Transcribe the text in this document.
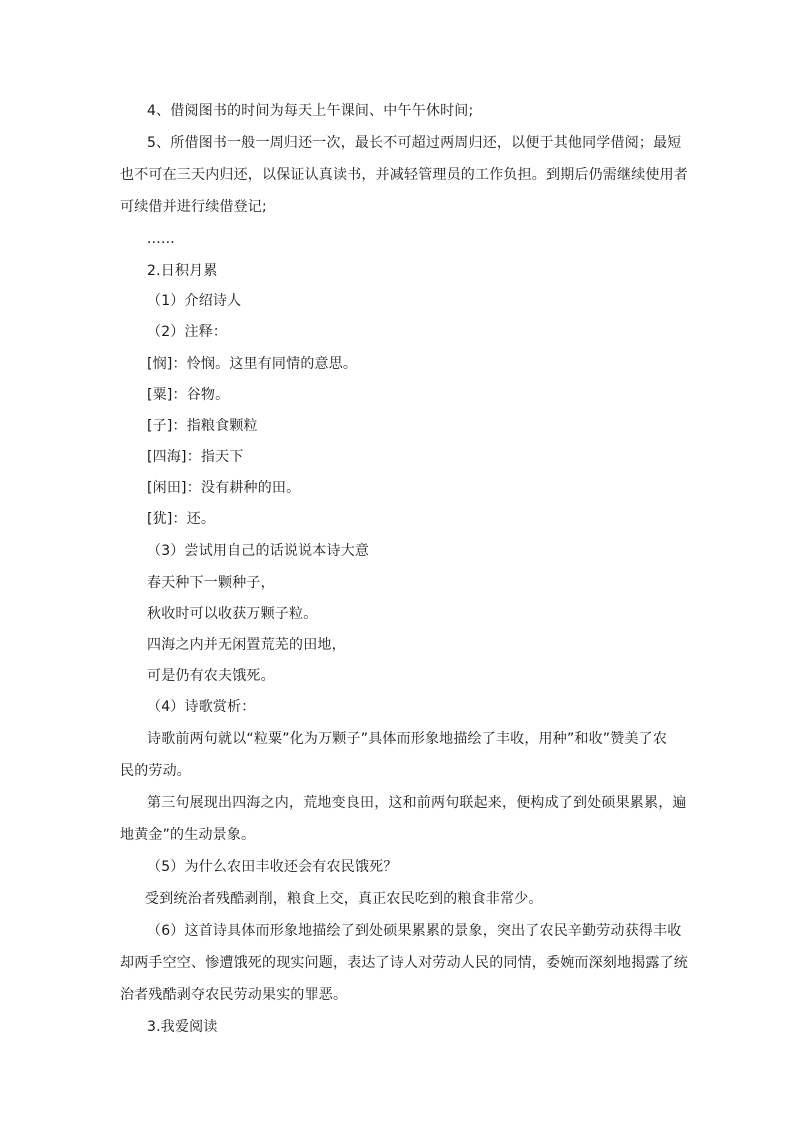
4、借阅图书的时间为每天上午课间、中午午休时间;
5、所借图书一般一周归还一次，最长不可超过两周归还，以便于其他同学借阅；最短
也不可在三天内归还，以保证认真读书，并减轻管理员的工作负担。到期后仍需继续使用者
可续借并进行续借登记;
......
2.日积月累
（1）介绍诗人
（2）注释：
[悯]：怜悯。这里有同情的意思。
[粟]：谷物。
[子]：指粮食颗粒
[四海]：指天下
[闲田]：没有耕种的田。
[犹]：还。
（3）尝试用自己的话说说本诗大意
春天种下一颗种子，
秋收时可以收获万颗子粒。
四海之内并无闲置荒芜的田地，
可是仍有农夫饿死。
（4）诗歌赏析：
诗歌前两句就以“粒粟”化为万颗子”具体而形象地描绘了丰收，用种”和收”赞美了农
民的劳动。
第三句展现出四海之内，荒地变良田，这和前两句联起来，便构成了到处硕果累累，遍
地黄金”的生动景象。
（5）为什么农田丰收还会有农民饿死？
受到统治者残酷剥削，粮食上交，真正农民吃到的粮食非常少。
（6）这首诗具体而形象地描绘了到处硕果累累的景象，突出了农民辛勤劳动获得丰收
却两手空空、惨遭饿死的现实问题，表达了诗人对劳动人民的同情，委婉而深刻地揭露了统
治者残酷剥夺农民劳动果实的罪恶。
3.我爱阅读
